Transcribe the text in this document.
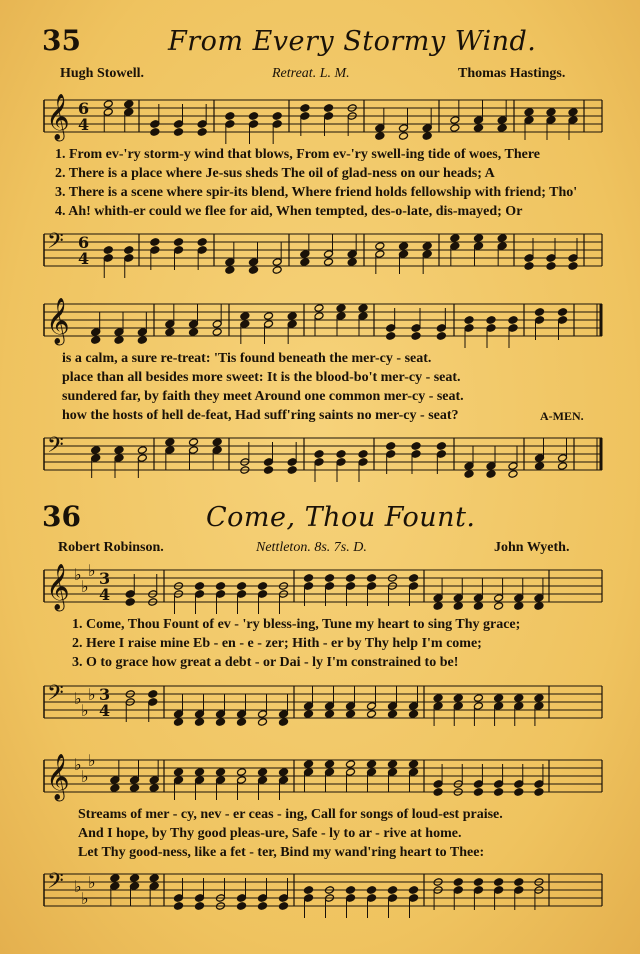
35	From Every Stormy Wind.
Hugh Stowell.	Retreat. L. M.	Thomas Hastings.
𝄞 6
4
1. From ev-'ry storm-y wind that blows, From ev-'ry swell-ing tide of woes, There
2. There is a place where Je-sus sheds The oil of glad-ness on our heads; A
3. There is a scene where spir-its blend, Where friend holds fellowship with friend; Tho'
4. Ah! whith-er could we flee for aid, When tempted, des-o-late, dis-mayed; Or
𝄢 6
4
𝄞
is a calm, a sure re-treat: 'Tis found beneath the mer-cy - seat.
place than all besides more sweet: It is the blood-bo't mer-cy - seat.
sundered far, by faith they meet Around one common mer-cy - seat.
how the hosts of hell de-feat, Had suff'ring saints no mer-cy - seat?	A-MEN.
𝄢
36	Come, Thou Fount.
Robert Robinson.	Nettleton. 8s. 7s. D.	John Wyeth.
𝄞 ♭
♭
♭ 3
4
1. Come, Thou Fount of ev - 'ry bless-ing, Tune my heart to sing Thy grace;
2. Here I raise mine Eb - en - e - zer; Hith - er by Thy help I'm come;
3. O to grace how great a debt - or Dai - ly I'm constrained to be!
𝄢 ♭
♭
♭ 3
4
𝄞 ♭
♭
♭
Streams of mer - cy, nev - er ceas - ing, Call for songs of loud-est praise.
And I hope, by Thy good pleas-ure, Safe - ly to ar - rive at home.
Let Thy good-ness, like a fet - ter, Bind my wand'ring heart to Thee:
𝄢 ♭
♭
♭
